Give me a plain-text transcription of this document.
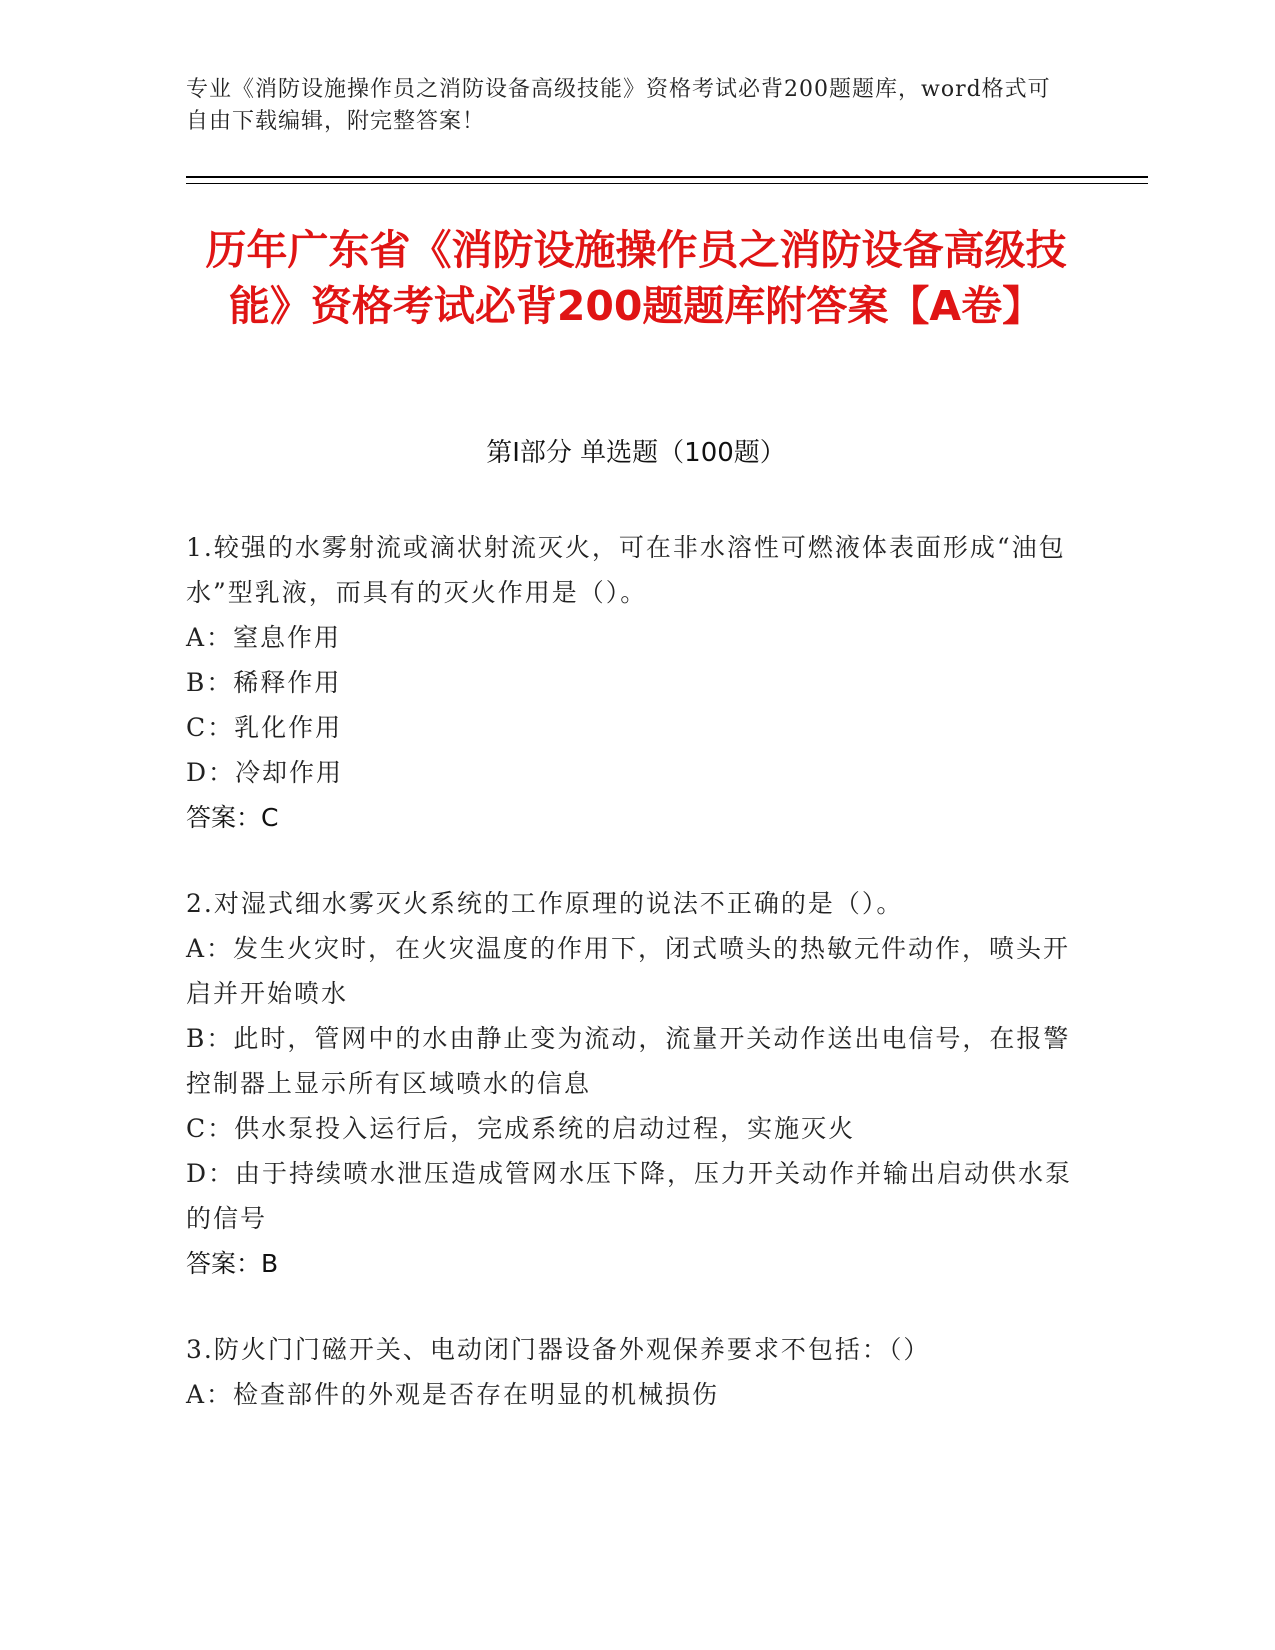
专业《消防设施操作员之消防设备高级技能》资格考试必背200题题库，word格式可自由下载编辑，附完整答案！
历年广东省《消防设施操作员之消防设备高级技能》资格考试必背200题题库附答案【A卷】
第Ⅰ部分 单选题（100题）

1.较强的水雾射流或滴状射流灭火，可在非水溶性可燃液体表面形成“油包水”型乳液，而具有的灭火作用是（）。

A：窒息作用

B：稀释作用

C：乳化作用

D：冷却作用

答案：C

2.对湿式细水雾灭火系统的工作原理的说法不正确的是（）。

A：发生火灾时，在火灾温度的作用下，闭式喷头的热敏元件动作，喷头开启并开始喷水

B：此时，管网中的水由静止变为流动，流量开关动作送出电信号，在报警控制器上显示所有区域喷水的信息

C：供水泵投入运行后，完成系统的启动过程，实施灭火

D：由于持续喷水泄压造成管网水压下降，压力开关动作并输出启动供水泵的信号

答案：B

3.防火门门磁开关、电动闭门器设备外观保养要求不包括：（）

A：检查部件的外观是否存在明显的机械损伤
